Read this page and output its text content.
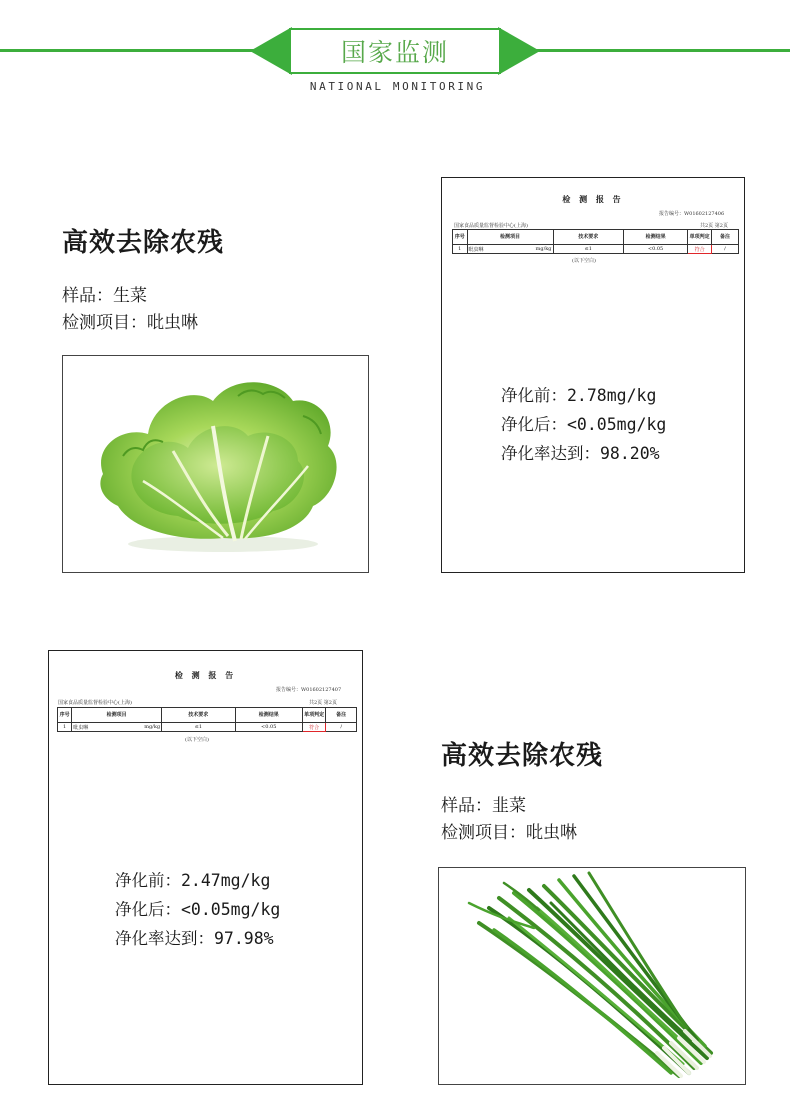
国家监测
NATIONAL MONITORING
高效去除农残
样品：生菜
检测项目：吡虫啉
检 测 报 告
报告编号：W01602127406
国家食品质量监督检验中心(上海)	共2页 第2页
序号	检测项目	技术要求	检测结果	单项判定	备注
1	吡虫啉 mg/kg	≤1	<0.05	符合	/
(以下空白)
净化前：2.78mg/kg
净化后：<0.05mg/kg
净化率达到：98.20%
检 测 报 告
报告编号：W01602127407
国家食品质量监督检验中心(上海)	共2页 第2页
序号	检测项目	技术要求	检测结果	单项判定	备注
1	吡虫啉 mg/kg	≤1	<0.05	符合	/
(以下空白)
净化前：2.47mg/kg
净化后：<0.05mg/kg
净化率达到：97.98%
高效去除农残
样品：韭菜
检测项目：吡虫啉
